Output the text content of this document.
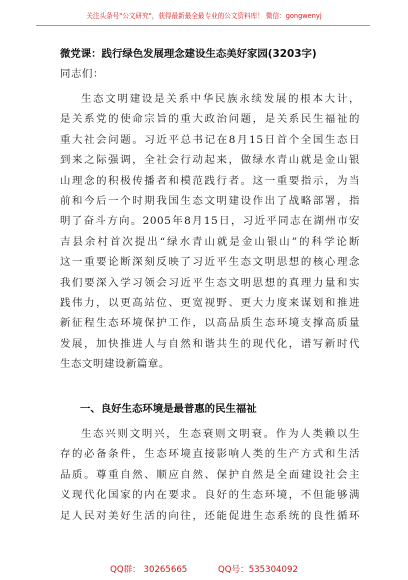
关注头条号"公文研究"，获得最新最全最专业的公文资料库！ 微信：gongwenyj
微党课：践行绿色发展理念建设生态美好家园(3203字)
同志们：
生态文明建设是关系中华民族永续发展的根本大计，
是关系党的使命宗旨的重大政治问题，是关系民生福祉的
重大社会问题。习近平总书记在8月15日首个全国生态日
到来之际强调，全社会行动起来，做绿水青山就是金山银
山理念的积极传播者和模范践行者。这一重要指示，为当
前和今后一个时期我国生态文明建设作出了战略部署，指
明了奋斗方向。2005年8月15日，习近平同志在湖州市安
吉县余村首次提出“绿水青山就是金山银山”的科学论断
这一重要论断深刻反映了习近平生态文明思想的核心理念
我们要深入学习领会习近平生态文明思想的真理力量和实
践伟力，以更高站位、更宽视野、更大力度来谋划和推进
新征程生态环境保护工作，以高品质生态环境支撑高质量
发展，加快推进人与自然和谐共生的现代化，谱写新时代
生态文明建设新篇章。
一、良好生态环境是最普惠的民生福祉
生态兴则文明兴，生态衰则文明衰。作为人类赖以生
存的必备条件，生态环境直接影响人类的生产方式和生活
品质。尊重自然、顺应自然、保护自然是全面建设社会主
义现代化国家的内在要求。良好的生态环境，不但能够满
足人民对美好生活的向往，还能促进生态系统的良性循环
QQ群： 30265665	QQ号：535304092
